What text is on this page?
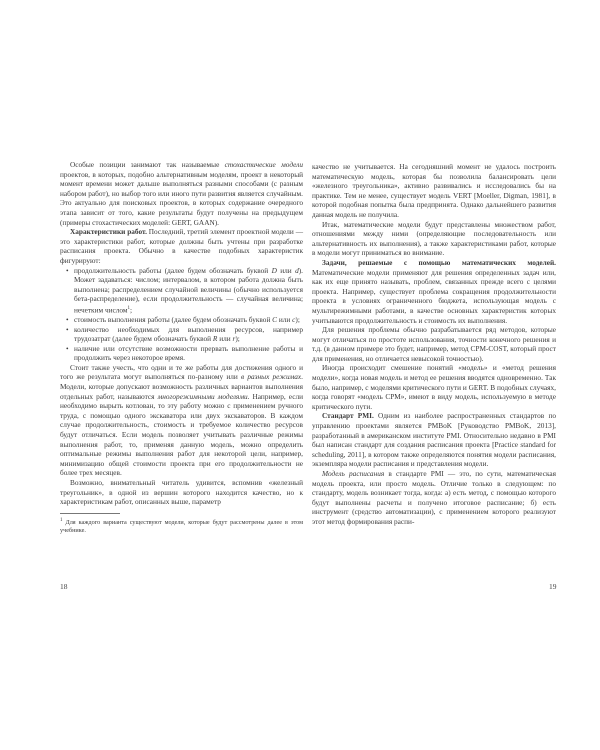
Особые позиции занимают так называемые стохастические модели проектов, в которых, подобно альтернативным моделям, проект в некоторый момент времени может дальше выполняться разными способами (с разным набором работ), но выбор того или иного пути развития является случайным. Это актуально для поисковых проектов, в которых содержание очередного этапа зависит от того, какие результаты будут получены на предыдущем (примеры стохастических моделей: GERT, GAAN).

Характеристики работ. Последний, третий элемент проектной модели — это характеристики работ, которые должны быть учтены при разработке расписания проекта. Обычно в качестве подобных характеристик фигурируют:

• продолжительность работы (далее будем обозначать буквой D или d). Может задаваться: числом; интервалом, в котором работа должна быть выполнена; распределением случайной величины (обычно используется бета-распределение), если продолжительность — случайная величина; нечетким числом$^1$;

• стоимость выполнения работы (далее будем обозначать буквой C или c);

• количество необходимых для выполнения ресурсов, например трудозатрат (далее будем обозначать буквой R или r);

• наличие или отсутствие возможности прервать выполнение работы и продолжить через некоторое время.

Стоит также учесть, что одни и те же работы для достижения одного и того же результата могут выполняться по-разному или в разных режимах. Модели, которые допускают возможность различных вариантов выполнения отдельных работ, называются многорежимными моделями. Например, если необходимо вырыть котлован, то эту работу можно с применением ручного труда, с помощью одного экскаватора или двух экскаваторов. В каждом случае продолжительность, стоимость и требуемое количество ресурсов будут отличаться. Если модель позволяет учитывать различные режимы выполнения работ, то, применяя данную модель, можно определить оптимальные режимы выполнения работ для некоторой цели, например, минимизацию общей стоимости проекта при его продолжительности не более трех месяцев.

Возможно, внимательный читатель удивится, вспомнив «железный треугольник», в одной из вершин которого находится качество, но к характеристикам работ, описанных выше, параметр

$^1$ Для каждого варианта существуют модели, которые будут рассмотрены далее в этом учебнике.

качество не учитывается. На сегодняшний момент не удалось построить математическую модель, которая бы позволила балансировать цели «железного треугольника», активно развивались и исследовались бы на практике. Тем не менее, существует модель VERT [Moeller, Digman, 1981], в которой подобная попытка была предпринята. Однако дальнейшего развития данная модель не получила.

Итак, математические модели будут представлены множеством работ, отношениями между ними (определяющие последовательность или альтернативность их выполнения), а также характеристиками работ, которые в модели могут приниматься во внимание.

Задачи, решаемые с помощью математических моделей. Математические модели применяют для решения определенных задач или, как их еще принято называть, проблем, связанных прежде всего с целями проекта. Например, существует проблема сокращения продолжительности проекта в условиях ограниченного бюджета, использующая модель с мультирежимными работами, в качестве основных характеристик которых учитываются продолжительность и стоимость их выполнения.

Для решения проблемы обычно разрабатывается ряд методов, которые могут отличаться по простоте использования, точности конечного решения и т.д. (в данном примере это будет, например, метод CPM-COST, который прост для применения, но отличается невысокой точностью).

Иногда происходит смешение понятий «модель» и «метод решения модели», когда новая модель и метод ее решения вводятся одновременно. Так было, например, с моделями критического пути и GERT. В подобных случаях, когда говорят «модель CPM», имеют в виду модель, используемую в методе критического пути.

Стандарт PMI. Одним из наиболее распространенных стандартов по управлению проектами является PMBoK [Руководство PMBoK, 2013], разработанный в американском институте PMI. Относительно недавно в PMI был написан стандарт для создания расписания проекта [Practice standard for scheduling, 2011], в котором также определяются понятия модели расписания, экземпляра модели расписания и представления модели.

Модель расписания в стандарте PMI — это, по сути, математическая модель проекта, или просто модель. Отличие только в следующем: по стандарту, модель возникает тогда, когда: а) есть метод, с помощью которого будут выполнены расчеты и получено итоговое расписание; б) есть инструмент (средство автоматизации), с применением которого реализуют этот метод формирования распи-

18	19
